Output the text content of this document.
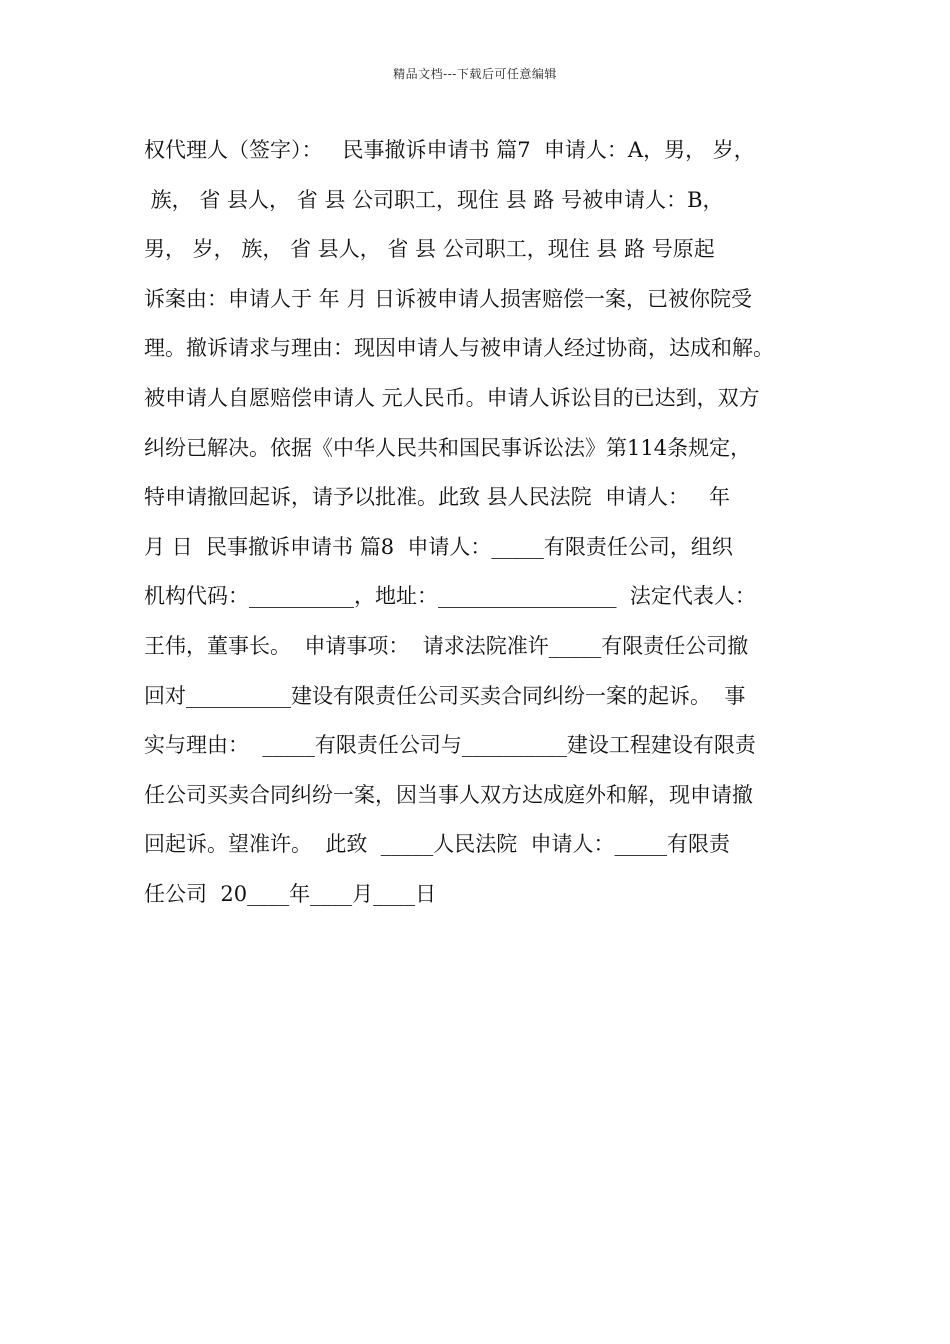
精品文档---下载后可任意编辑
权代理人（签字）：   民事撤诉申请书 篇7  申请人：A，男， 岁，
族， 省 县人， 省 县 公司职工，现住 县 路 号被申请人：B，
男， 岁， 族， 省 县人， 省 县 公司职工，现住 县 路 号原起
诉案由：申请人于 年 月 日诉被申请人损害赔偿一案，已被你院受
理。撤诉请求与理由：现因申请人与被申请人经过协商，达成和解。
被申请人自愿赔偿申请人 元人民币。申请人诉讼目的已达到，双方
纠纷已解决。依据《中华人民共和国民事诉讼法》第114条规定，
特申请撤回起诉，请予以批准。此致 县人民法院  申请人：   年
月 日  民事撤诉申请书 篇8  申请人：_____有限责任公司，组织
机构代码：__________，地址：_________________  法定代表人：
王伟，董事长。  申请事项：  请求法院准许_____有限责任公司撤
回对__________建设有限责任公司买卖合同纠纷一案的起诉。  事
实与理由：  _____有限责任公司与__________建设工程建设有限责
任公司买卖合同纠纷一案，因当事人双方达成庭外和解，现申请撤
回起诉。望准许。  此致  _____人民法院  申请人：_____有限责
任公司  20____年____月____日
